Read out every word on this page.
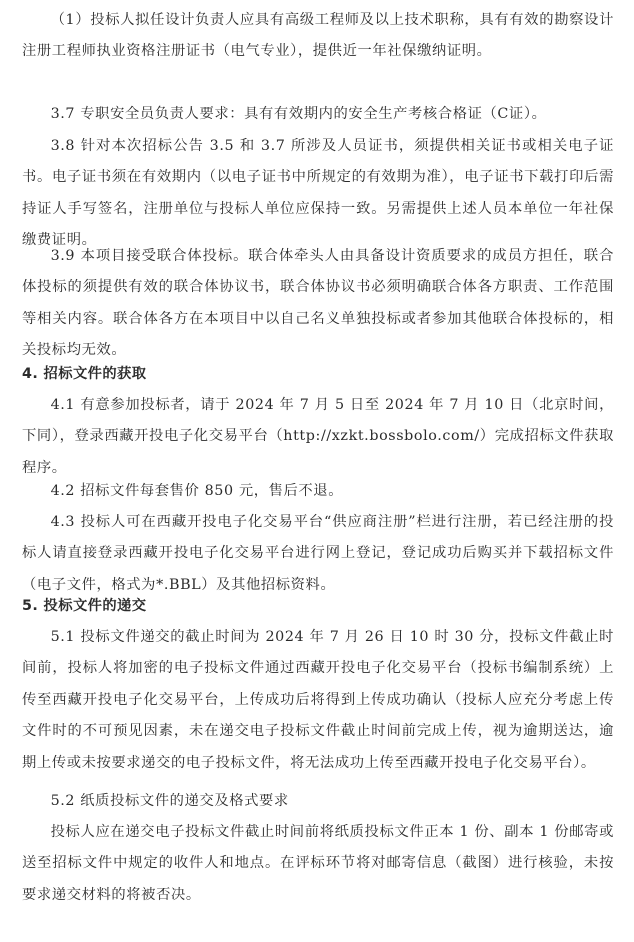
（1）投标人拟任设计负责人应具有高级工程师及以上技术职称，具有有效的勘察设计注册工程师执业资格注册证书（电气专业），提供近一年社保缴纳证明。

3.7 专职安全员负责人要求：具有有效期内的安全生产考核合格证（C证）。

3.8 针对本次招标公告 3.5 和 3.7 所涉及人员证书，须提供相关证书或相关电子证书。电子证书须在有效期内（以电子证书中所规定的有效期为准），电子证书下载打印后需持证人手写签名，注册单位与投标人单位应保持一致。另需提供上述人员本单位一年社保缴费证明。

3.9 本项目接受联合体投标。联合体牵头人由具备设计资质要求的成员方担任，联合体投标的须提供有效的联合体协议书，联合体协议书必须明确联合体各方职责、工作范围等相关内容。联合体各方在本项目中以自己名义单独投标或者参加其他联合体投标的，相关投标均无效。

4. 招标文件的获取

4.1 有意参加投标者，请于 2024 年 7 月 5 日至 2024 年 7 月 10 日（北京时间，下同），登录西藏开投电子化交易平台（http://xzkt.bossbolo.com/）完成招标文件获取程序。

4.2 招标文件每套售价 850 元，售后不退。

4.3 投标人可在西藏开投电子化交易平台“供应商注册”栏进行注册，若已经注册的投标人请直接登录西藏开投电子化交易平台进行网上登记，登记成功后购买并下载招标文件（电子文件，格式为*.BBL）及其他招标资料。

5. 投标文件的递交

5.1 投标文件递交的截止时间为 2024 年 7 月 26 日 10 时 30 分，投标文件截止时间前，投标人将加密的电子投标文件通过西藏开投电子化交易平台（投标书编制系统）上传至西藏开投电子化交易平台，上传成功后将得到上传成功确认（投标人应充分考虑上传文件时的不可预见因素，未在递交电子投标文件截止时间前完成上传，视为逾期送达，逾期上传或未按要求递交的电子投标文件，将无法成功上传至西藏开投电子化交易平台）。

5.2 纸质投标文件的递交及格式要求

投标人应在递交电子投标文件截止时间前将纸质投标文件正本 1 份、副本 1 份邮寄或送至招标文件中规定的收件人和地点。在评标环节将对邮寄信息（截图）进行核验，未按要求递交材料的将被否决。
